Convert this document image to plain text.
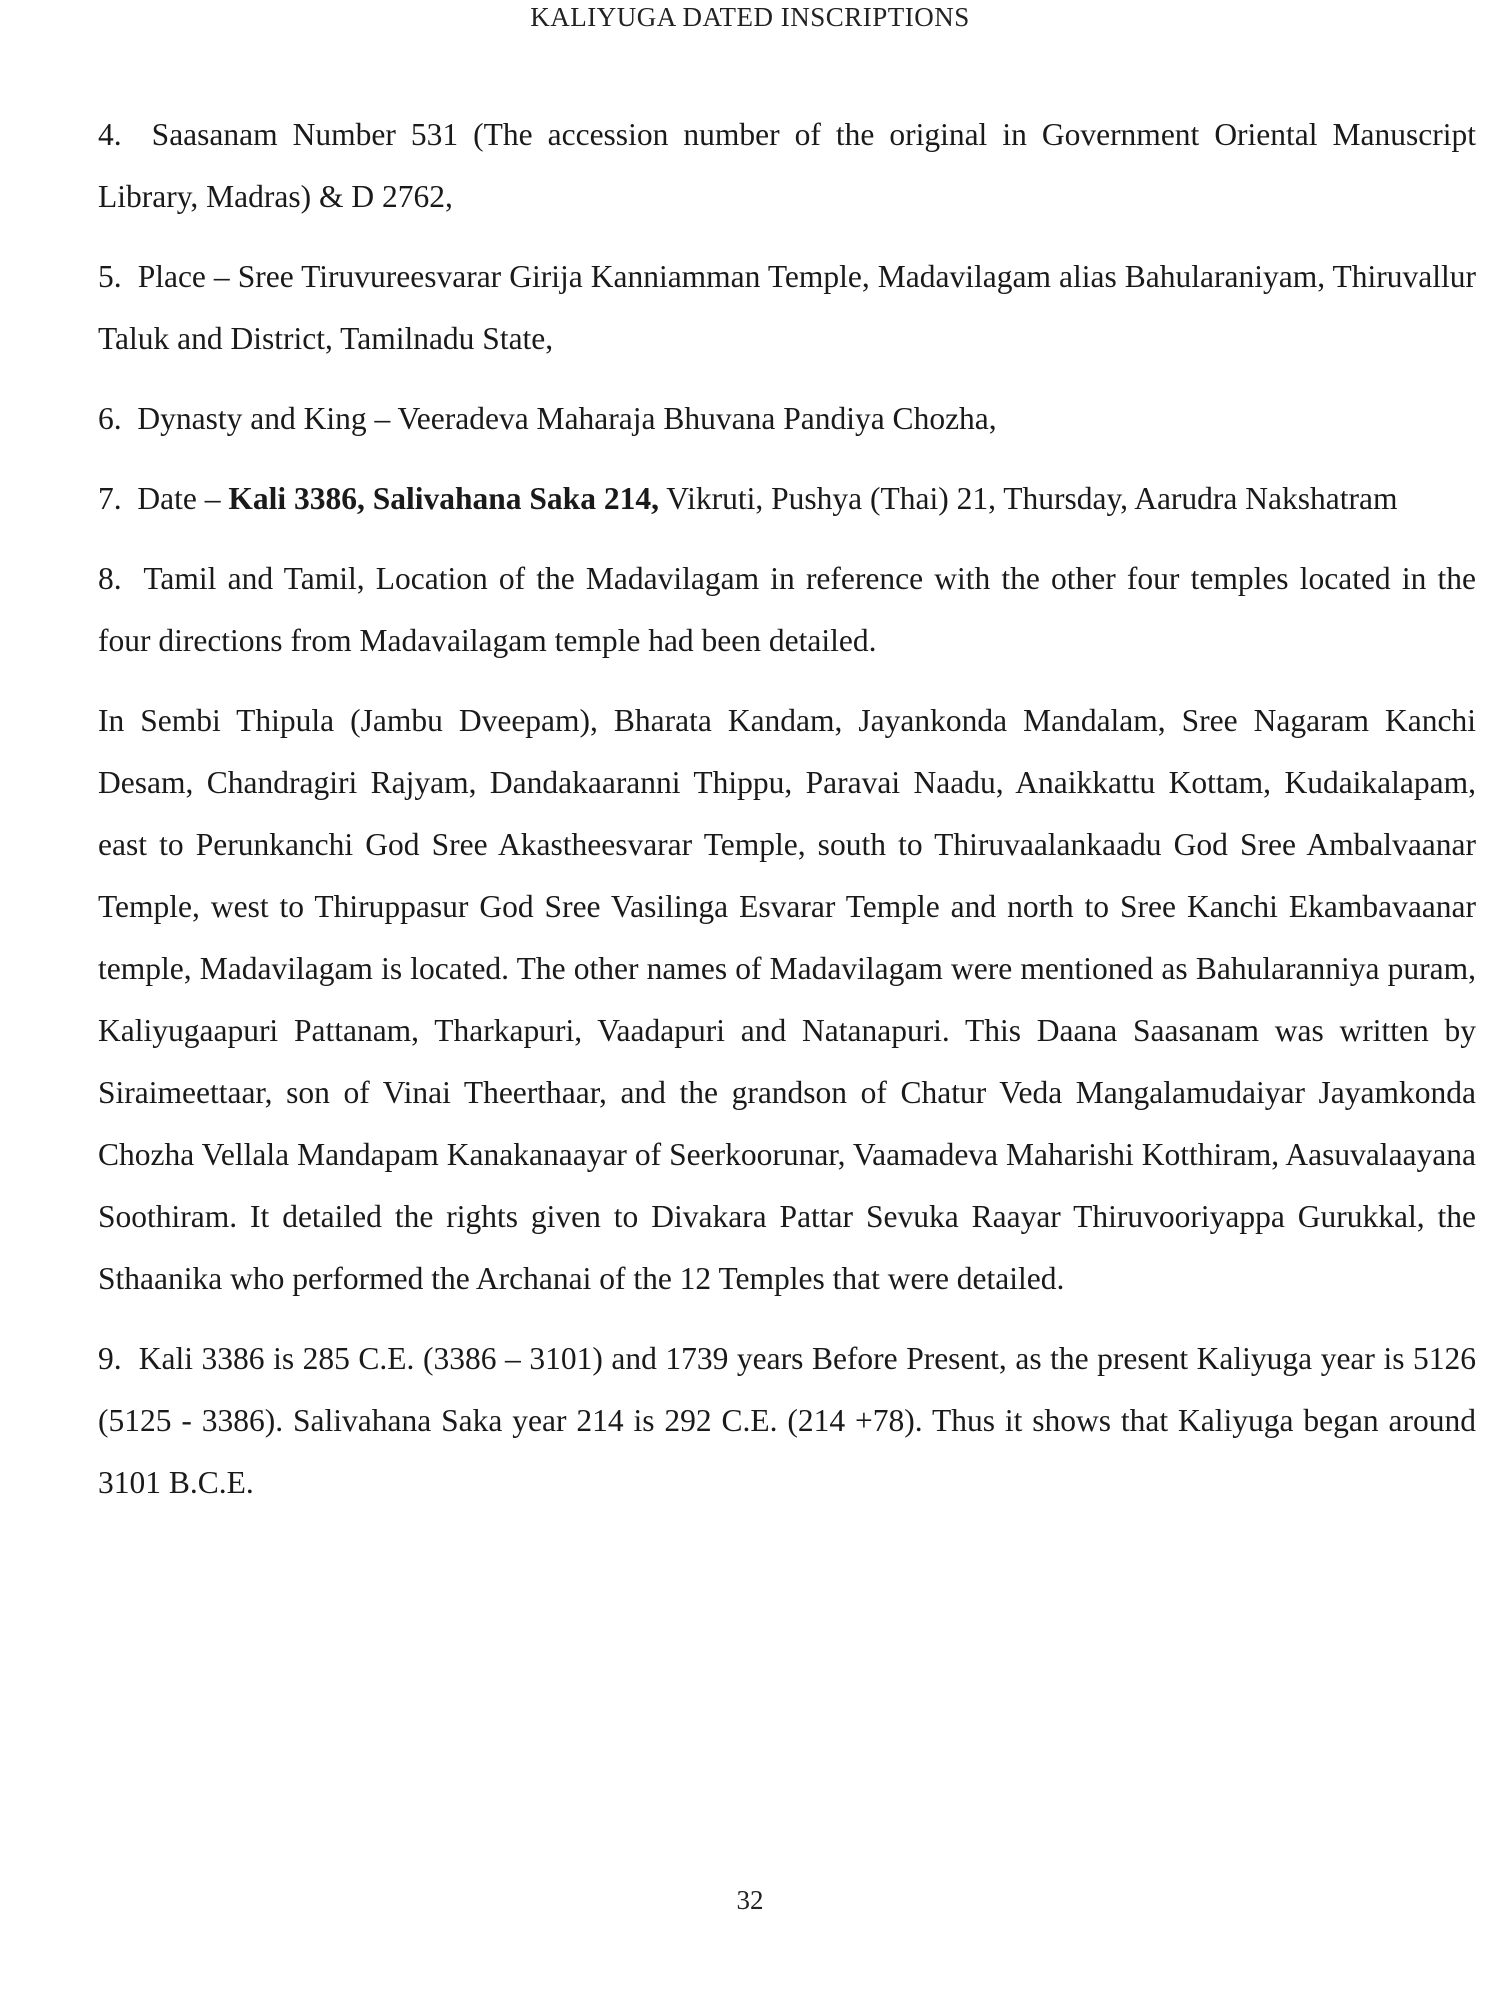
KALIYUGA DATED INSCRIPTIONS

4. Saasanam Number 531 (The accession number of the original in Government Oriental Manuscript Library, Madras) & D 2762,

5. Place – Sree Tiruvureesvarar Girija Kanniamman Temple, Madavilagam alias Bahularaniyam, Thiruvallur Taluk and District, Tamilnadu State,

6. Dynasty and King – Veeradeva Maharaja Bhuvana Pandiya Chozha,

7. Date – Kali 3386, Salivahana Saka 214, Vikruti, Pushya (Thai) 21, Thursday, Aarudra Nakshatram

8. Tamil and Tamil, Location of the Madavilagam in reference with the other four temples located in the four directions from Madavailagam temple had been detailed.

In Sembi Thipula (Jambu Dveepam), Bharata Kandam, Jayankonda Mandalam, Sree Nagaram Kanchi Desam, Chandragiri Rajyam, Dandakaaranni Thippu, Paravai Naadu, Anaikkattu Kottam, Kudaikalapam, east to Perunkanchi God Sree Akastheesvarar Temple, south to Thiruvaalankaadu God Sree Ambalvaanar Temple, west to Thiruppasur God Sree Vasilinga Esvarar Temple and north to Sree Kanchi Ekambavaanar temple, Madavilagam is located. The other names of Madavilagam were mentioned as Bahularanniya puram, Kaliyugaapuri Pattanam, Tharkapuri, Vaadapuri and Natanapuri. This Daana Saasanam was written by Siraimeettaar, son of Vinai Theerthaar, and the grandson of Chatur Veda Mangalamudaiyar Jayamkonda Chozha Vellala Mandapam Kanakanaayar of Seerkoorunar, Vaamadeva Maharishi Kotthiram, Aasuvalaayana Soothiram. It detailed the rights given to Divakara Pattar Sevuka Raayar Thiruvooriyappa Gurukkal, the Sthaanika who performed the Archanai of the 12 Temples that were detailed.

9. Kali 3386 is 285 C.E. (3386 – 3101) and 1739 years Before Present, as the present Kaliyuga year is 5126 (5125 - 3386). Salivahana Saka year 214 is 292 C.E. (214 +78). Thus it shows that Kaliyuga began around 3101 B.C.E.

32
